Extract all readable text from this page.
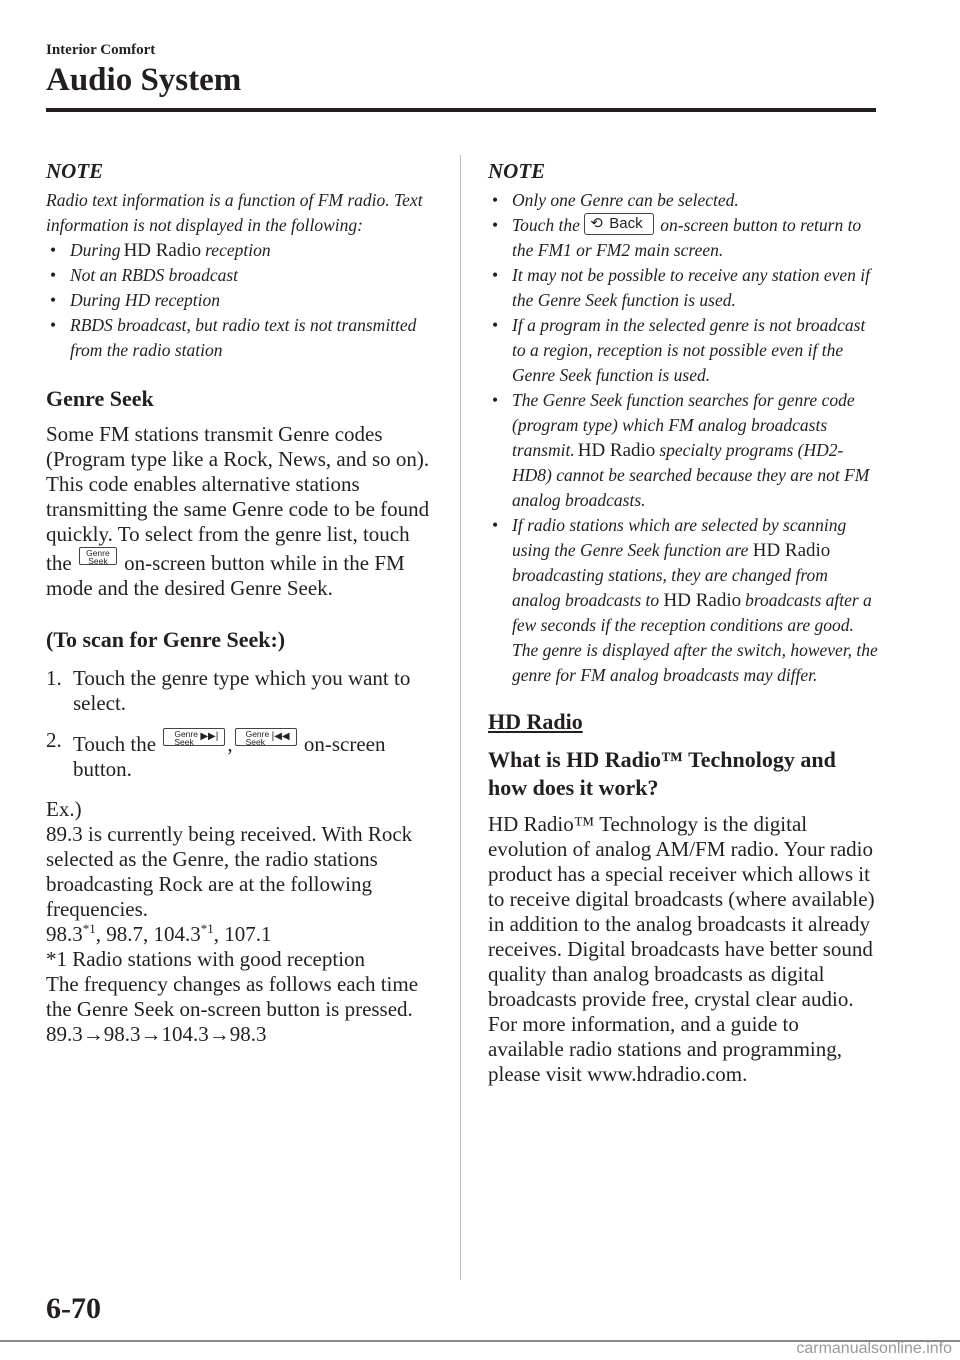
Interior Comfort
Audio System

NOTE

Radio text information is a function of FM radio. Text information is not displayed in the following:

• During HD Radio reception
• Not an RBDS broadcast
• During HD reception
• RBDS broadcast, but radio text is not transmitted from the radio station

Genre Seek

Some FM stations transmit Genre codes (Program type like a Rock, News, and so on). This code enables alternative stations transmitting the same Genre code to be found quickly. To select from the genre list, touch the Genre
Seek on-screen button while in the FM mode and the desired Genre Seek.

(To scan for Genre Seek:)

1. Touch the genre type which you want to select.

2. Touch the Genre
Seek ▶▶| , Genre
Seek |◀◀ on-screen button.

Ex.)

89.3 is currently being received. With Rock selected as the Genre, the radio stations broadcasting Rock are at the following frequencies.

98.3$^{*1}$, 98.7, 104.3$^{*1}$, 107.1

*1 Radio stations with good reception

The frequency changes as follows each time the Genre Seek on-screen button is pressed.

89.3→98.3→104.3→98.3

NOTE

• Only one Genre can be selected.
• Touch the ⟲ Back on-screen button to return to the FM1 or FM2 main screen.
• It may not be possible to receive any station even if the Genre Seek function is used.
• If a program in the selected genre is not broadcast to a region, reception is not possible even if the Genre Seek function is used.
• The Genre Seek function searches for genre code (program type) which FM analog broadcasts transmit. HD Radio specialty programs (HD2-HD8) cannot be searched because they are not FM analog broadcasts.
• If radio stations which are selected by scanning using the Genre Seek function are HD Radiobroadcasting stations, they are changed from analog broadcasts to HD Radio broadcasts after a few seconds if the reception conditions are good. The genre is displayed after the switch, however, the genre for FM analog broadcasts may differ.

HD Radio

What is HD Radio™ Technology and how does it work?

HD Radio™ Technology is the digital evolution of analog AM/FM radio. Your radio product has a special receiver which allows it to receive digital broadcasts (where available) in addition to the analog broadcasts it already receives. Digital broadcasts have better sound quality than analog broadcasts as digital broadcasts provide free, crystal clear audio. For more information, and a guide to available radio stations and programming, please visit www.hdradio.com.

6-70
carmanualsonline.info
